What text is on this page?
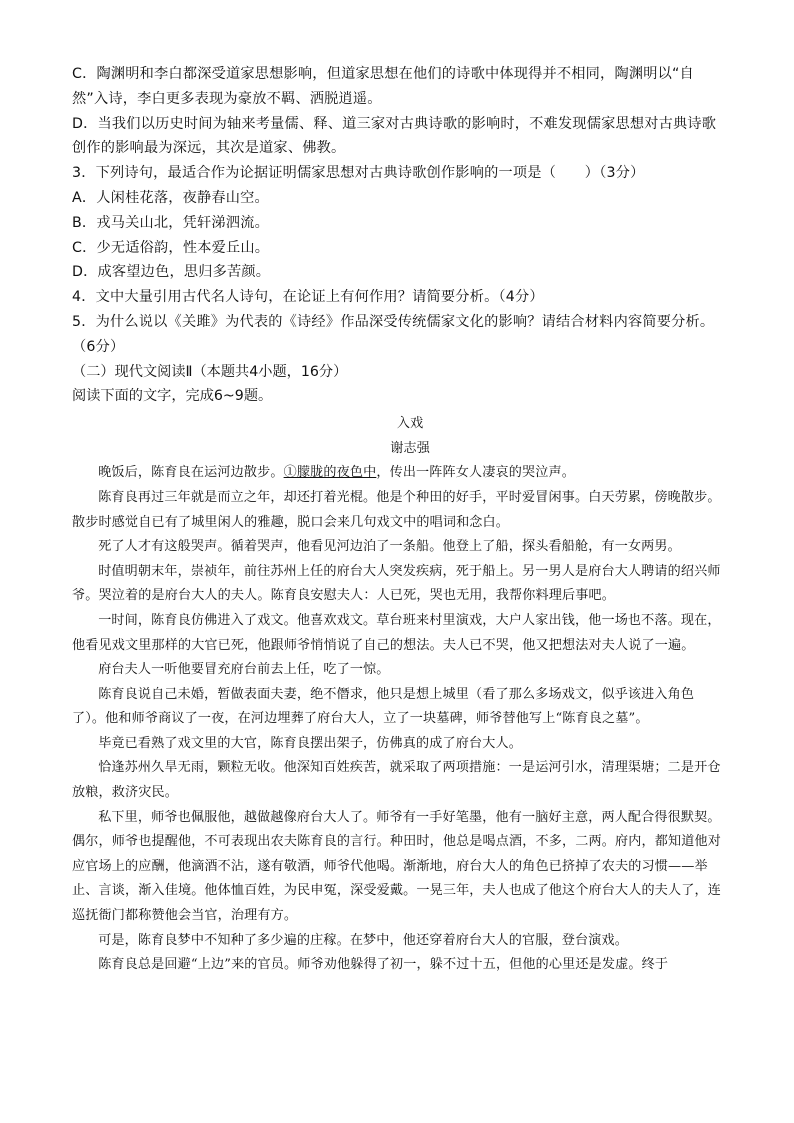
C．陶渊明和李白都深受道家思想影响，但道家思想在他们的诗歌中体现得并不相同，陶渊明以“自然”入诗，李白更多表现为豪放不羁、洒脱逍遥。

D．当我们以历史时间为轴来考量儒、释、道三家对古典诗歌的影响时，不难发现儒家思想对古典诗歌创作的影响最为深远，其次是道家、佛教。

3．下列诗句，最适合作为论据证明儒家思想对古典诗歌创作影响的一项是（　　）（3分）

A．人闲桂花落，夜静春山空。

B．戎马关山北，凭轩涕泗流。

C．少无适俗韵，性本爱丘山。

D．成客望边色，思归多苦颜。

4．文中大量引用古代名人诗句，在论证上有何作用？请简要分析。（4分）

5．为什么说以《关雎》为代表的《诗经》作品深受传统儒家文化的影响？请结合材料内容简要分析。（6分）

（二）现代文阅读Ⅱ（本题共4小题，16分）

阅读下面的文字，完成6~9题。

入戏

谢志强

晚饭后，陈育良在运河边散步。①朦胧的夜色中，传出一阵阵女人凄哀的哭泣声。

陈育良再过三年就是而立之年，却还打着光棍。他是个种田的好手，平时爱冒闲事。白天劳累，傍晚散步。散步时感觉自已有了城里闲人的雅趣，脱口会来几句戏文中的唱词和念白。

死了人才有这般哭声。循着哭声，他看见河边泊了一条船。他登上了船，探头看船舱，有一女两男。

时值明朝末年，崇祯年，前往苏州上任的府台大人突发疾病，死于船上。另一男人是府台大人聘请的绍兴师爷。哭泣着的是府台大人的夫人。陈育良安慰夫人：人已死，哭也无用，我帮你料理后事吧。

一时间，陈育良仿佛进入了戏文。他喜欢戏文。草台班来村里演戏，大户人家出钱，他一场也不落。现在，他看见戏文里那样的大官已死，他跟师爷悄悄说了自己的想法。夫人已不哭，他又把想法对夫人说了一遍。

府台夫人一听他要冒充府台前去上任，吃了一惊。

陈育良说自己未婚，暂做表面夫妻，绝不僭求，他只是想上城里（看了那么多场戏文，似乎该进入角色了）。他和师爷商议了一夜，在河边埋葬了府台大人，立了一块墓碑，师爷替他写上“陈育良之墓”。

毕竟已看熟了戏文里的大官，陈育良摆出架子，仿佛真的成了府台大人。

恰逢苏州久旱无雨，颗粒无收。他深知百姓疾苦，就采取了两项措施：一是运河引水，清理渠塘；二是开仓放粮，救济灾民。

私下里，师爷也佩服他，越做越像府台大人了。师爷有一手好笔墨，他有一脑好主意，两人配合得很默契。偶尔，师爷也提醒他，不可表现出农夫陈育良的言行。种田时，他总是喝点酒，不多，二两。府内，都知道他对应官场上的应酬，他滴酒不沾，遂有敬酒，师爷代他喝。渐渐地，府台大人的角色已挤掉了农夫的习惯——举止、言谈，渐入佳境。他体恤百姓，为民申冤，深受爱戴。一晃三年，夫人也成了他这个府台大人的夫人了，连巡抚衙门都称赞他会当官，治理有方。

可是，陈育良梦中不知种了多少遍的庄稼。在梦中，他还穿着府台大人的官服，登台演戏。

陈育良总是回避“上边”来的官员。师爷劝他躲得了初一，躲不过十五，但他的心里还是发虚。终于
